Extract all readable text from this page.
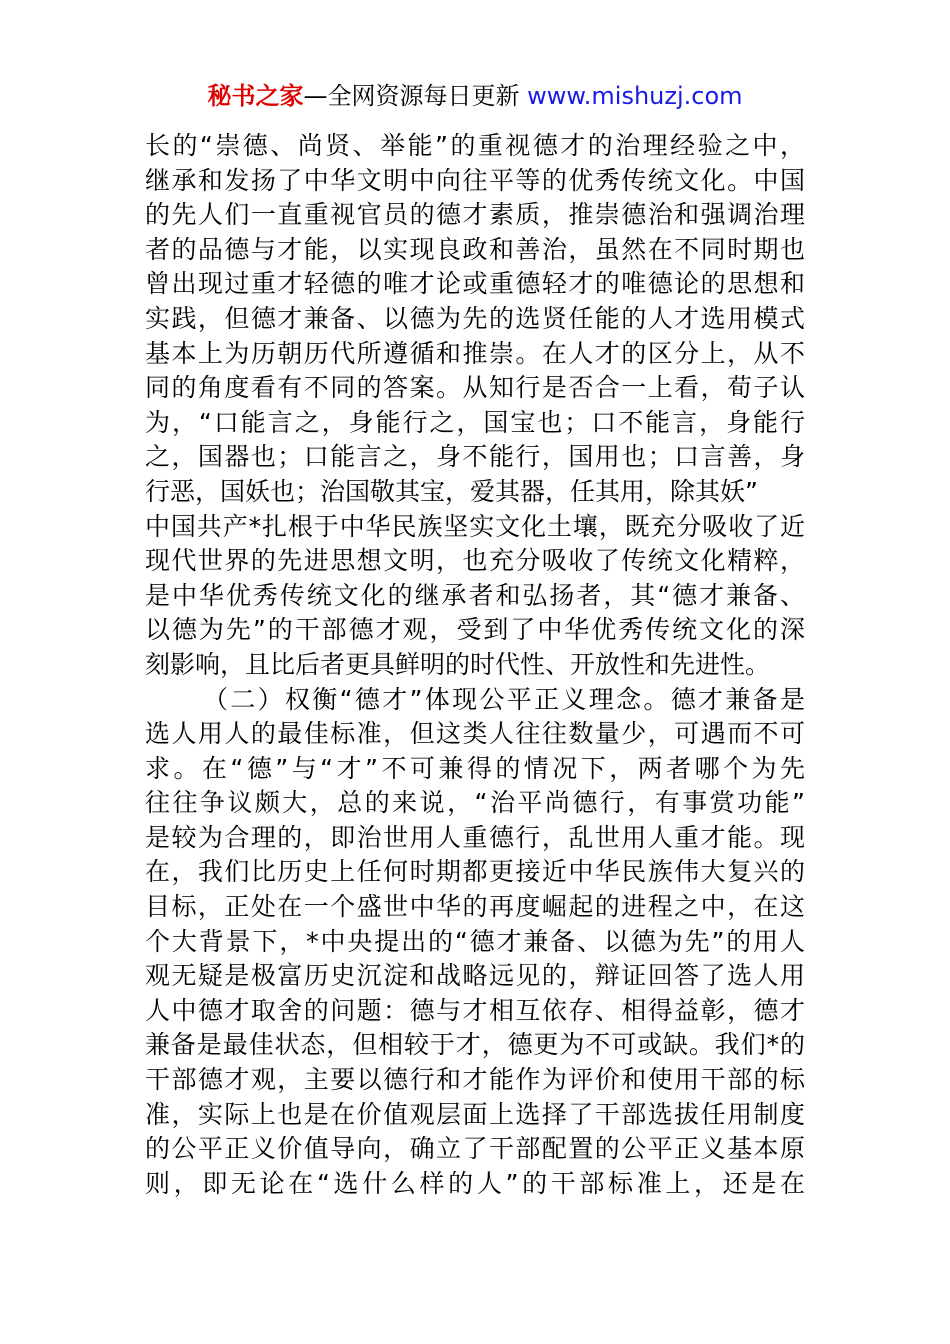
秘书之家—全网资源每日更新 www.mishuzj.com
长的“崇德、尚贤、举能”的重视德才的治理经验之中，
继承和发扬了中华文明中向往平等的优秀传统文化。中国
的先人们一直重视官员的德才素质，推崇德治和强调治理
者的品德与才能，以实现良政和善治，虽然在不同时期也
曾出现过重才轻德的唯才论或重德轻才的唯德论的思想和
实践，但德才兼备、以德为先的选贤任能的人才选用模式
基本上为历朝历代所遵循和推崇。在人才的区分上，从不
同的角度看有不同的答案。从知行是否合一上看，荀子认
为，“口能言之，身能行之，国宝也；口不能言，身能行
之，国器也；口能言之，身不能行，国用也；口言善，身
行恶，国妖也；治国敬其宝，爱其器，任其用，除其妖”
中国共产*扎根于中华民族坚实文化土壤，既充分吸收了近
现代世界的先进思想文明，也充分吸收了传统文化精粹，
是中华优秀传统文化的继承者和弘扬者，其“德才兼备、
以德为先”的干部德才观，受到了中华优秀传统文化的深
刻影响，且比后者更具鲜明的时代性、开放性和先进性。
（二）权衡“德才”体现公平正义理念。德才兼备是
选人用人的最佳标准，但这类人往往数量少，可遇而不可
求。在“德”与“才”不可兼得的情况下，两者哪个为先
往往争议颇大，总的来说，“治平尚德行，有事赏功能”
是较为合理的，即治世用人重德行，乱世用人重才能。现
在，我们比历史上任何时期都更接近中华民族伟大复兴的
目标，正处在一个盛世中华的再度崛起的进程之中，在这
个大背景下，*中央提出的“德才兼备、以德为先”的用人
观无疑是极富历史沉淀和战略远见的，辩证回答了选人用
人中德才取舍的问题：德与才相互依存、相得益彰，德才
兼备是最佳状态，但相较于才，德更为不可或缺。我们*的
干部德才观，主要以德行和才能作为评价和使用干部的标
准，实际上也是在价值观层面上选择了干部选拔任用制度
的公平正义价值导向，确立了干部配置的公平正义基本原
则，即无论在“选什么样的人”的干部标准上，还是在
